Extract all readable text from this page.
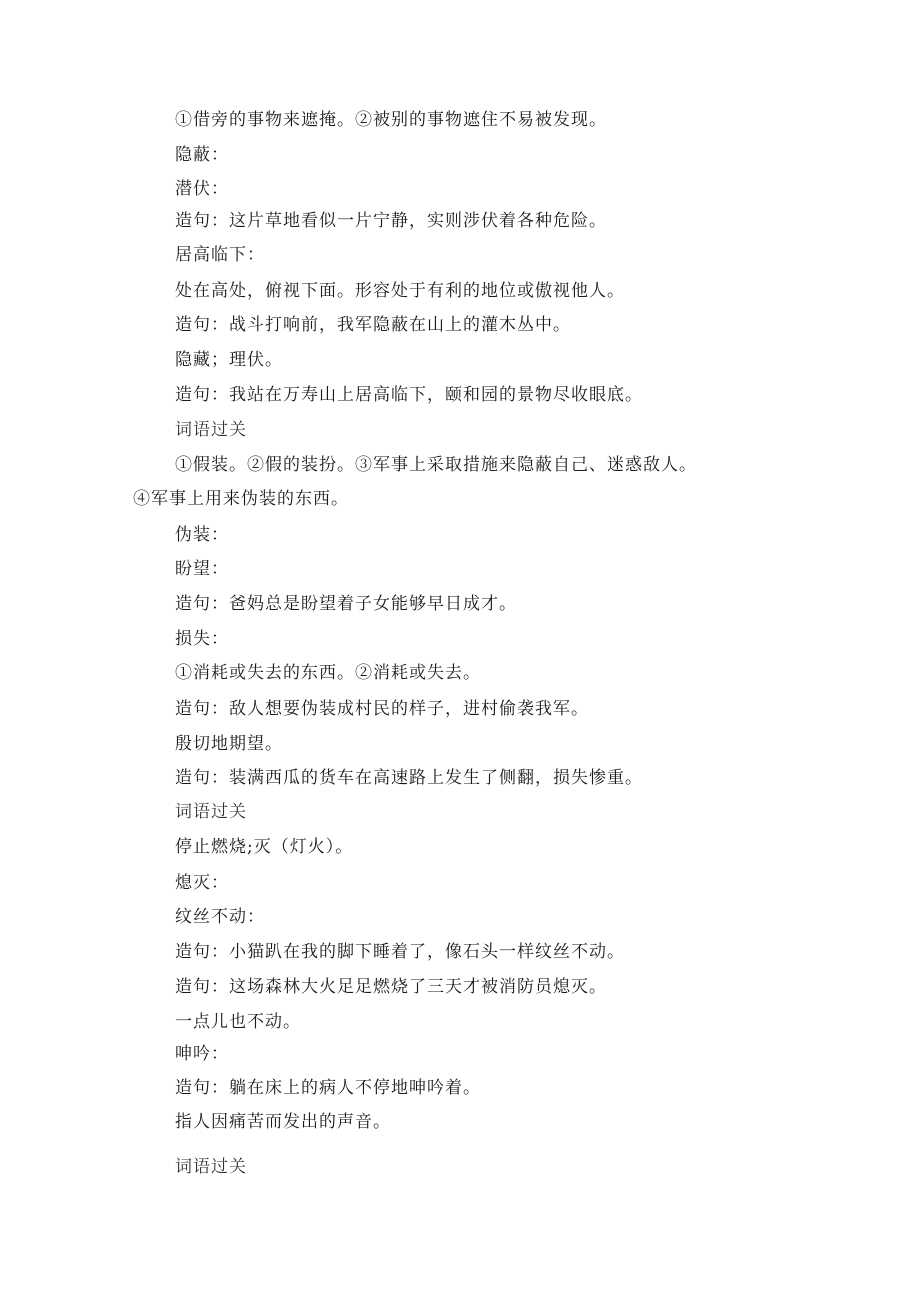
①借旁的事物来遮掩。②被别的事物遮住不易被发现。
隐蔽：
潜伏：
造句：这片草地看似一片宁静，实则涉伏着各种危险。
居高临下：
处在高处，俯视下面。形容处于有利的地位或傲视他人。
造句：战斗打响前，我军隐蔽在山上的灌木丛中。
隐藏；理伏。
造句：我站在万寿山上居高临下，颐和园的景物尽收眼底。
词语过关
①假装。②假的装扮。③军事上采取措施来隐蔽自己、迷惑敌人。
④军事上用来伪装的东西。
伪装：
盼望：
造句：爸妈总是盼望着子女能够早日成才。
损失：
①消耗或失去的东西。②消耗或失去。
造句：敌人想要伪装成村民的样子，进村偷袭我军。
殷切地期望。
造句：装满西瓜的货车在高速路上发生了侧翻，损失惨重。
词语过关
停止燃烧;灭（灯火）。
熄灭：
纹丝不动：
造句：小猫趴在我的脚下睡着了，像石头一样纹丝不动。
造句：这场森林大火足足燃烧了三天才被消防员熄灭。
一点儿也不动。
呻吟：
造句：躺在床上的病人不停地呻吟着。
指人因痛苦而发出的声音。
词语过关
